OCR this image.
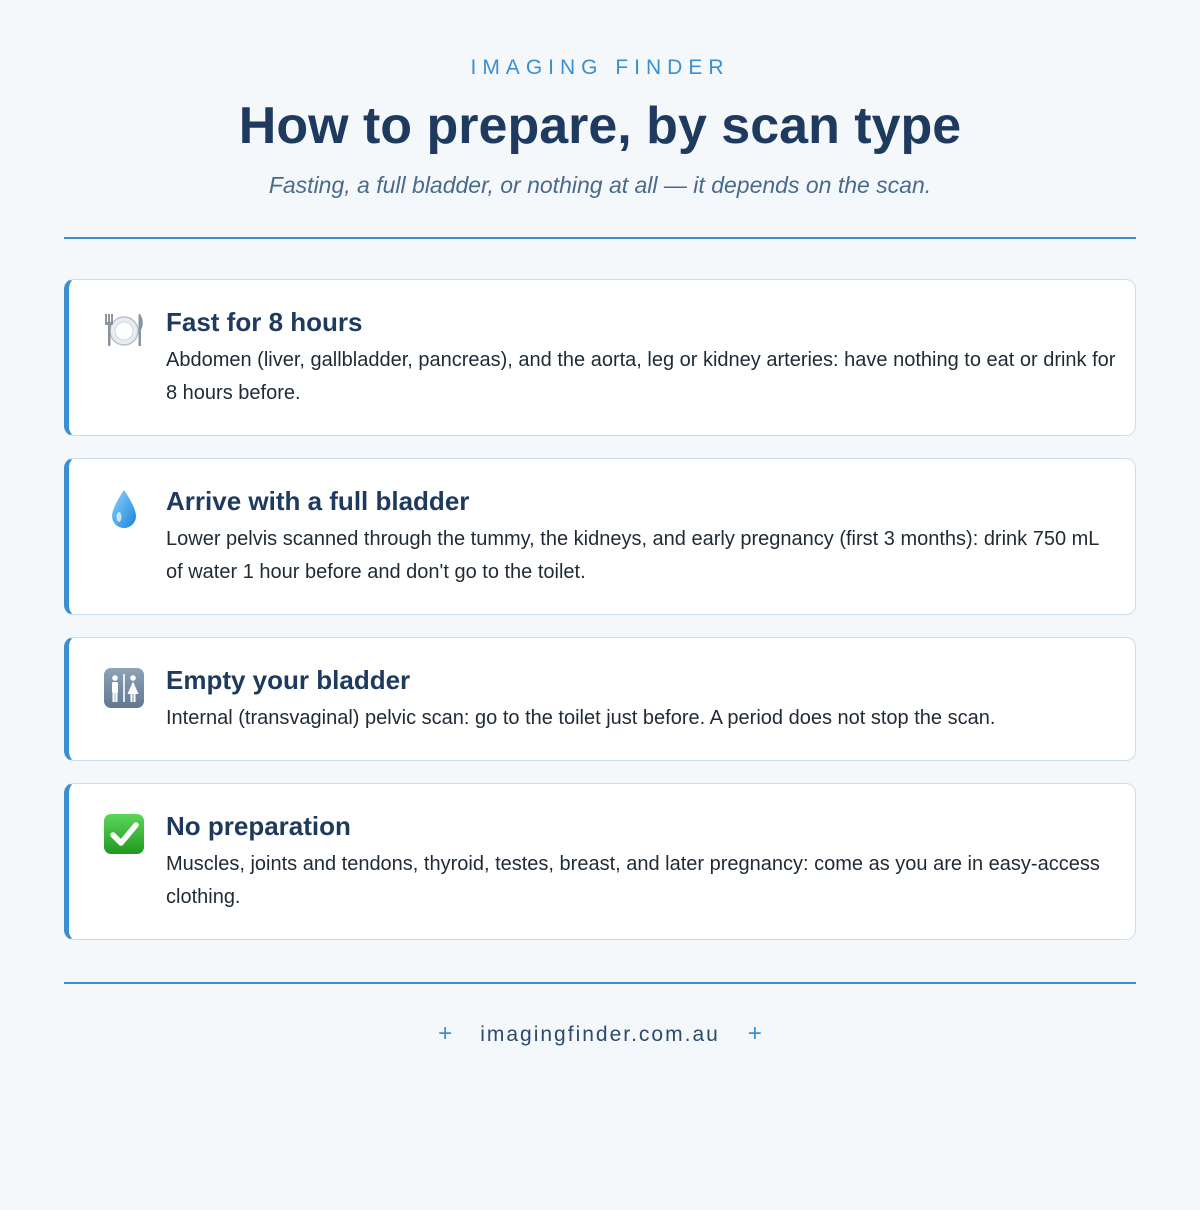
IMAGING FINDER
How to prepare, by scan type
Fasting, a full bladder, or nothing at all — it depends on the scan.
Fast for 8 hours
Abdomen (liver, gallbladder, pancreas), and the aorta, leg or kidney arteries: have nothing to eat or drink for 8 hours before.
Arrive with a full bladder
Lower pelvis scanned through the tummy, the kidneys, and early pregnancy (first 3 months): drink 750 mL of water 1 hour before and don't go to the toilet.
Empty your bladder
Internal (transvaginal) pelvic scan: go to the toilet just before. A period does not stop the scan.
No preparation
Muscles, joints and tendons, thyroid, testes, breast, and later pregnancy: come as you are in easy-access clothing.
+ imagingfinder.com.au +
